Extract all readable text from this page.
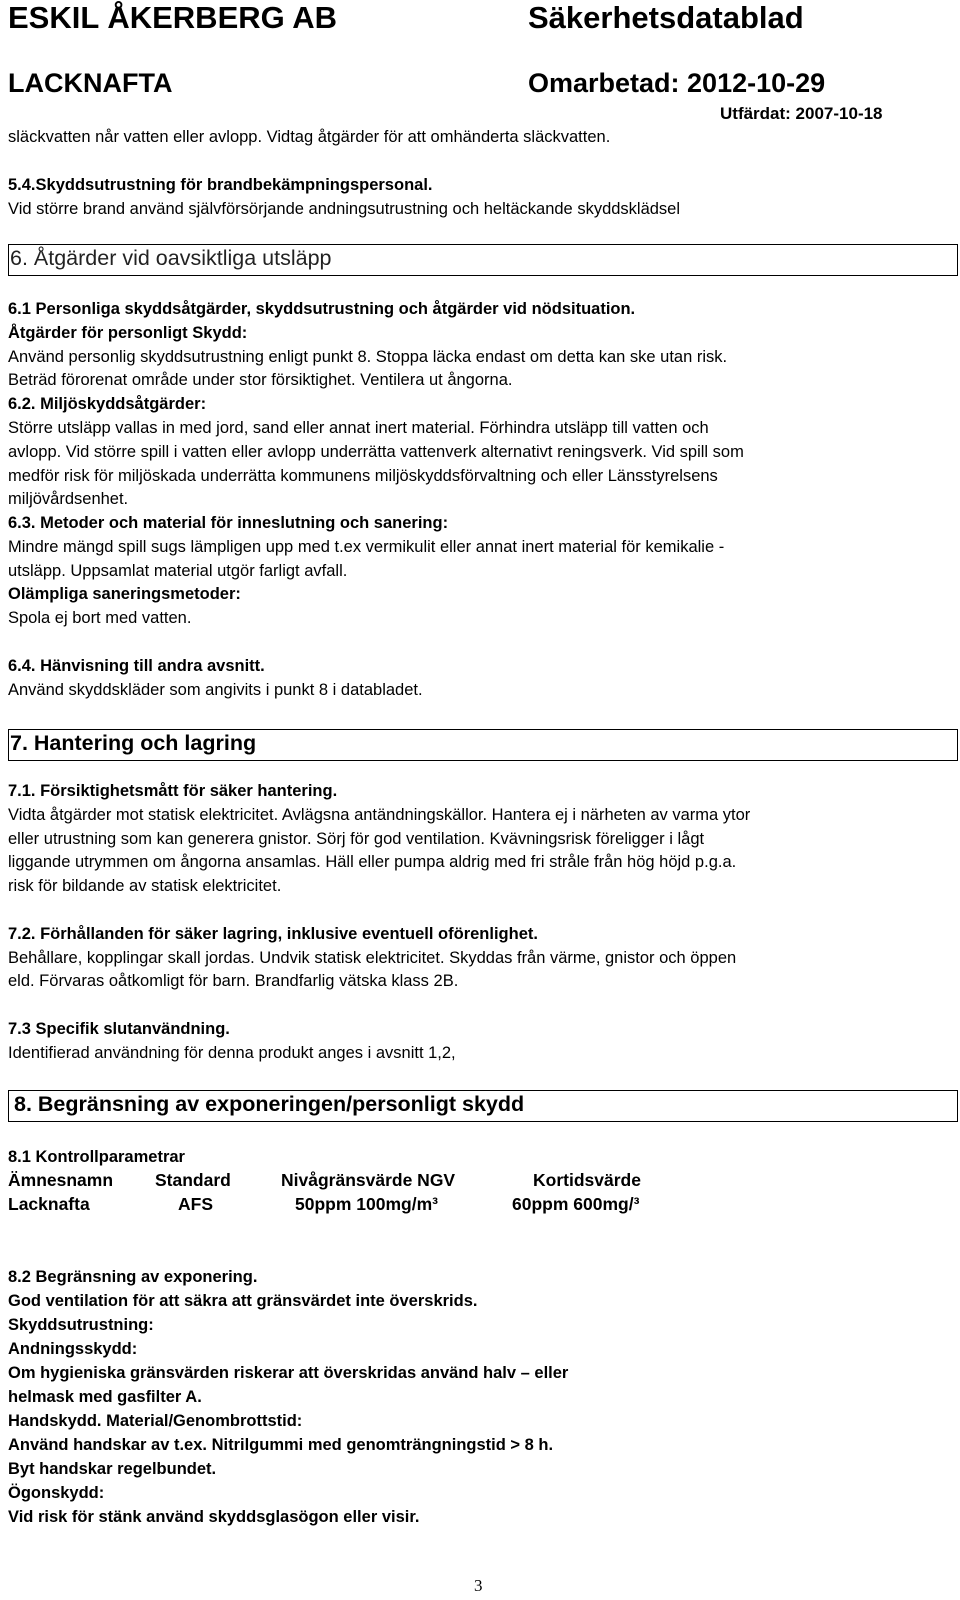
ESKIL ÅKERBERG AB	Säkerhetsdatablad
LACKNAFTA	Omarbetad: 2012-10-29
Utfärdat: 2007-10-18
släckvatten når vatten eller avlopp. Vidtag åtgärder för att omhänderta släckvatten.
5.4.Skyddsutrustning för brandbekämpningspersonal.
Vid större brand använd självförsörjande andningsutrustning och heltäckande skyddsklädsel
6. Åtgärder vid oavsiktliga utsläpp
6.1 Personliga skyddsåtgärder, skyddsutrustning och åtgärder vid nödsituation.
Åtgärder för personligt Skydd:
Använd personlig skyddsutrustning enligt punkt 8. Stoppa läcka endast om detta kan ske utan risk.
Beträd förorenat område under stor försiktighet. Ventilera ut ångorna.
6.2. Miljöskyddsåtgärder:
Större utsläpp vallas in med jord, sand eller annat inert material. Förhindra utsläpp till vatten och
avlopp. Vid större spill i vatten eller avlopp underrätta vattenverk alternativt reningsverk. Vid spill som
medför risk för miljöskada underrätta kommunens miljöskyddsförvaltning och eller Länsstyrelsens
miljövårdsenhet.
6.3. Metoder och material för inneslutning och sanering:
Mindre mängd spill sugs lämpligen upp med t.ex vermikulit eller annat inert material för kemikalie -
utsläpp. Uppsamlat material utgör farligt avfall.
Olämpliga saneringsmetoder:
Spola ej bort med vatten.
6.4. Hänvisning till andra avsnitt.
Använd skyddskläder som angivits i punkt 8 i databladet.
7. Hantering och lagring
7.1. Försiktighetsmått för säker hantering.
Vidta åtgärder mot statisk elektricitet. Avlägsna antändningskällor. Hantera ej i närheten av varma ytor
eller utrustning som kan generera gnistor. Sörj för god ventilation. Kvävningsrisk föreligger i lågt
liggande utrymmen om ångorna ansamlas. Häll eller pumpa aldrig med fri stråle från hög höjd p.g.a.
risk för bildande av statisk elektricitet.
7.2. Förhållanden för säker lagring, inklusive eventuell oförenlighet.
Behållare, kopplingar skall jordas. Undvik statisk elektricitet. Skyddas från värme, gnistor och öppen
eld. Förvaras oåtkomligt för barn. Brandfarlig vätska klass 2B.
7.3 Specifik slutanvändning.
Identifierad användning för denna produkt anges i avsnitt 1,2,
8. Begränsning av exponeringen/personligt skydd
8.1 Kontrollparametrar
Ämnesnamn Standard	Nivågränsvärde NGV	Kortidsvärde
Lacknafta	AFS	50ppm 100mg/m³	60ppm 600mg/³
8.2 Begränsning av exponering.
God ventilation för att säkra att gränsvärdet inte överskrids.
Skyddsutrustning:
Andningsskydd:
Om hygieniska gränsvärden riskerar att överskridas använd halv – eller
helmask med gasfilter A.
Handskydd. Material/Genombrottstid:
Använd handskar av t.ex. Nitrilgummi med genomträngningstid > 8 h.
Byt handskar regelbundet.
Ögonskydd:
Vid risk för stänk använd skyddsglasögon eller visir.
3
